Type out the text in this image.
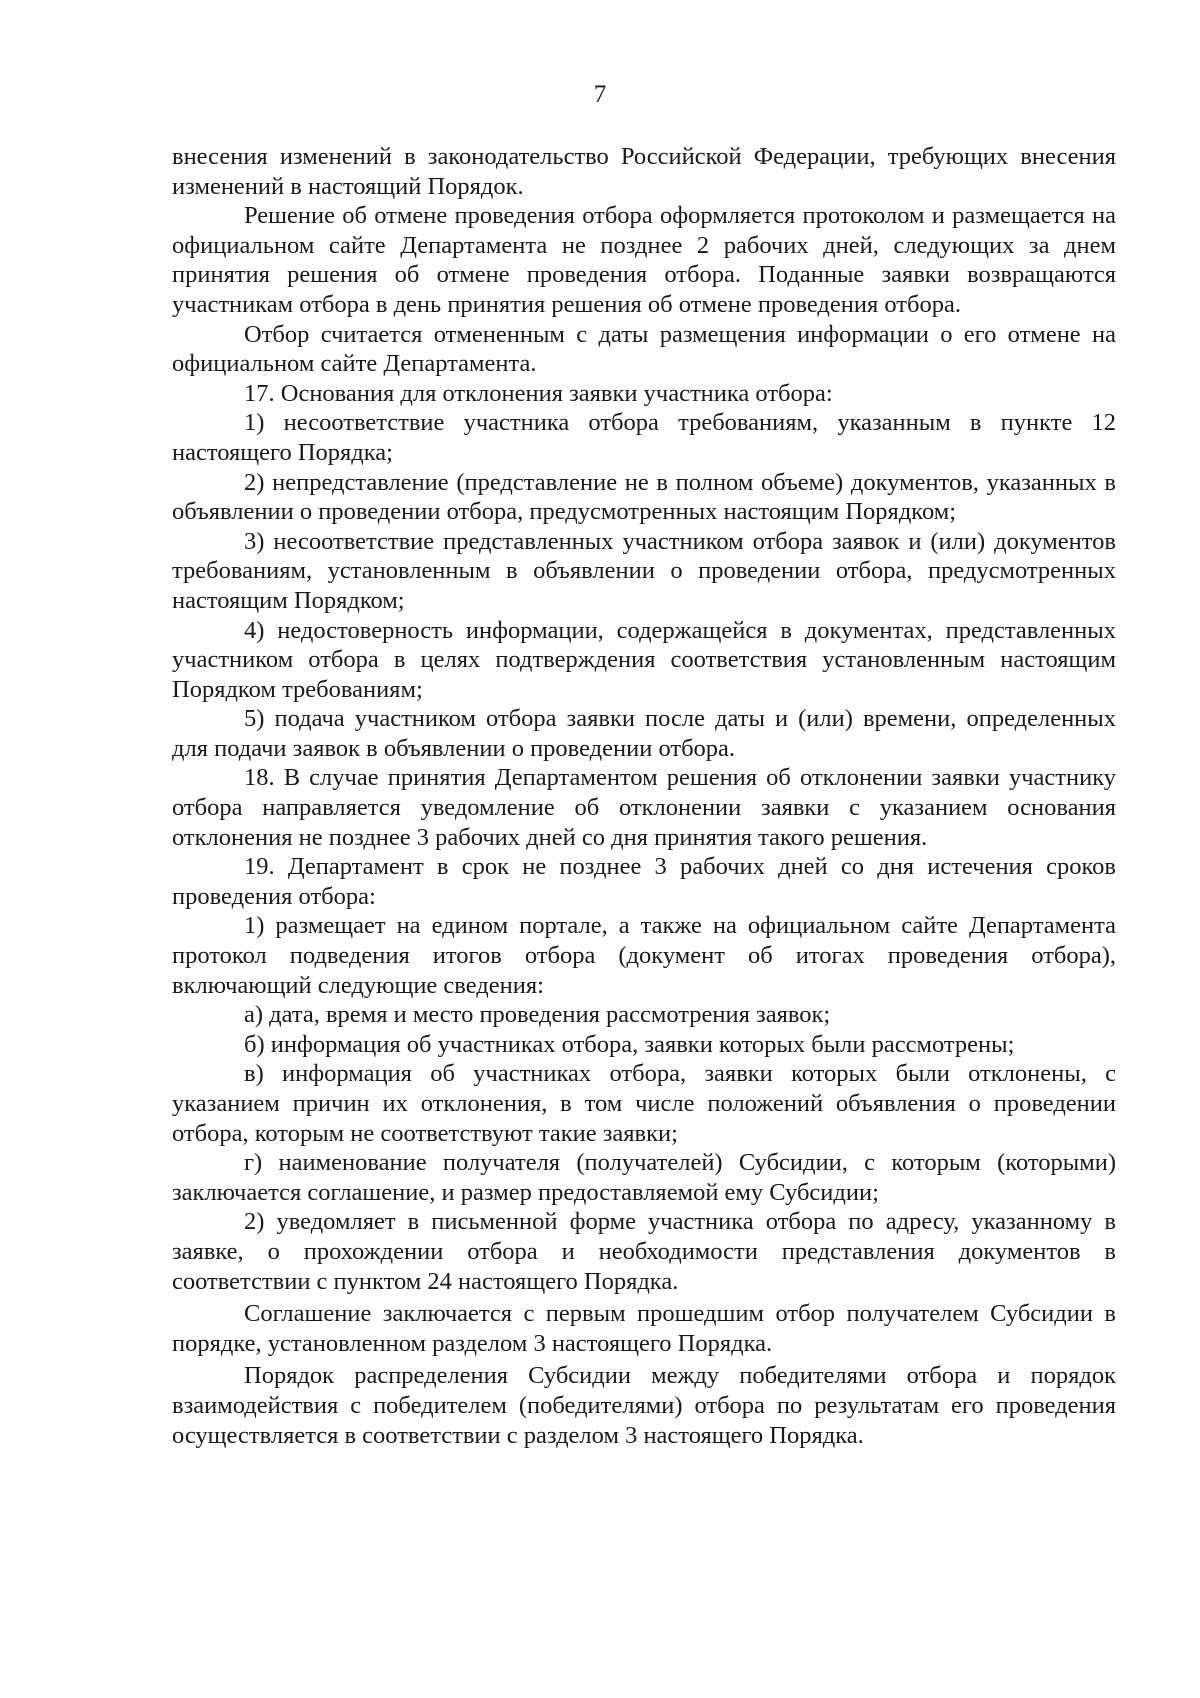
7

внесения изменений в законодательство Российской Федерации, требующих внесения изменений в настоящий Порядок.

Решение об отмене проведения отбора оформляется протоколом и размещается на официальном сайте Департамента не позднее 2 рабочих дней, следующих за днем принятия решения об отмене проведения отбора. Поданные заявки возвращаются участникам отбора в день принятия решения об отмене проведения отбора.

Отбор считается отмененным с даты размещения информации о его отмене на официальном сайте Департамента.

17. Основания для отклонения заявки участника отбора:

1) несоответствие участника отбора требованиям, указанным в пункте 12 настоящего Порядка;

2) непредставление (представление не в полном объеме) документов, указанных в объявлении о проведении отбора, предусмотренных настоящим Порядком;

3) несоответствие представленных участником отбора заявок и (или) документов требованиям, установленным в объявлении о проведении отбора, предусмотренных настоящим Порядком;

4) недостоверность информации, содержащейся в документах, представленных участником отбора в целях подтверждения соответствия установленным настоящим Порядком требованиям;

5) подача участником отбора заявки после даты и (или) времени, определенных для подачи заявок в объявлении о проведении отбора.

18. В случае принятия Департаментом решения об отклонении заявки участнику отбора направляется уведомление об отклонении заявки с указанием основания отклонения не позднее 3 рабочих дней со дня принятия такого решения.

19. Департамент в срок не позднее 3 рабочих дней со дня истечения сроков проведения отбора:

1) размещает на едином портале, а также на официальном сайте Департамента протокол подведения итогов отбора (документ об итогах проведения отбора), включающий следующие сведения:

а) дата, время и место проведения рассмотрения заявок;

б) информация об участниках отбора, заявки которых были рассмотрены;

в) информация об участниках отбора, заявки которых были отклонены, с указанием причин их отклонения, в том числе положений объявления о проведении отбора, которым не соответствуют такие заявки;

г) наименование получателя (получателей) Субсидии, с которым (которыми) заключается соглашение, и размер предоставляемой ему Субсидии;

2) уведомляет в письменной форме участника отбора по адресу, указанному в заявке, о прохождении отбора и необходимости представления документов в соответствии с пунктом 24 настоящего Порядка.

Соглашение заключается с первым прошедшим отбор получателем Субсидии в порядке, установленном разделом 3 настоящего Порядка.

Порядок распределения Субсидии между победителями отбора и порядок взаимодействия с победителем (победителями) отбора по результатам его проведения осуществляется в соответствии с разделом 3 настоящего Порядка.
